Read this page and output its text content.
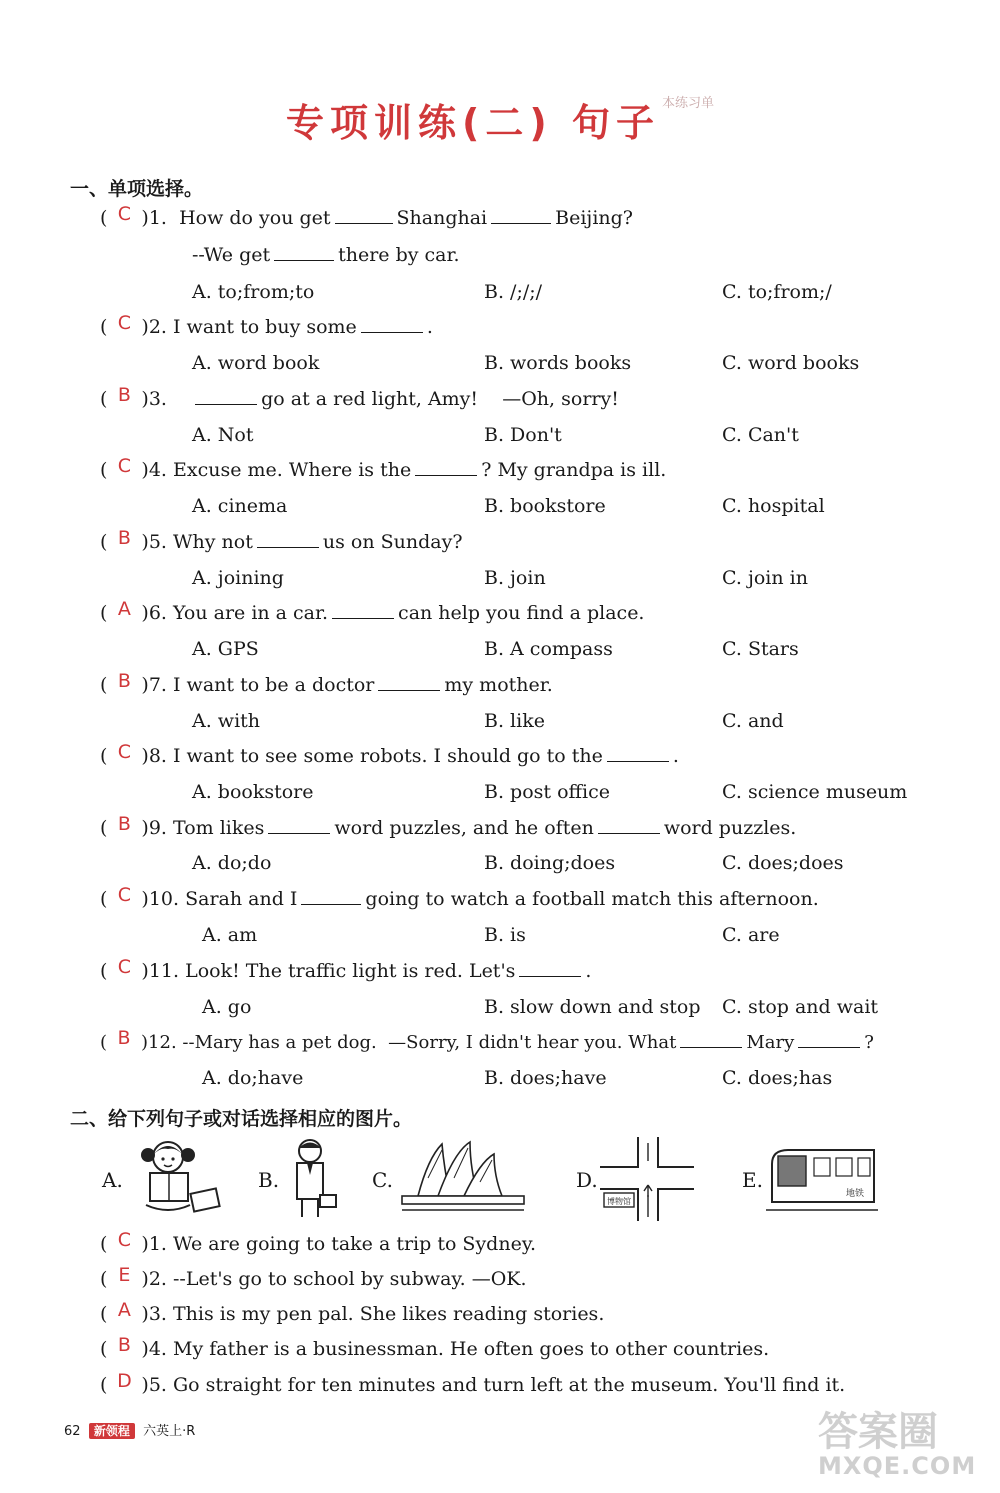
专项训练(二) 句子 $^{本练习单}$
一、单项选择。
( C )1. How do you get	Shanghai	Beijing?
--We get	there by car.
A. to;from;to	B. /;/;/	C. to;from;/
( C )2. I want to buy some	.
A. word book	B. words books	C. word books
( B )3.	go at a red light, Amy! —Oh, sorry!
A. Not	B. Don't	C. Can't
( C )4. Excuse me. Where is the	? My grandpa is ill.
A. cinema	B. bookstore	C. hospital
( B )5. Why not	us on Sunday?
A. joining	B. join	C. join in
( A )6. You are in a car.	can help you find a place.
A. GPS	B. A compass	C. Stars
( B )7. I want to be a doctor	my mother.
A. with	B. like	C. and
( C )8. I want to see some robots. I should go to the	.
A. bookstore	B. post office	C. science museum
( B )9. Tom likes	word puzzles, and he often	word puzzles.
A. do;do	B. doing;does	C. does;does
( C )10. Sarah and I	going to watch a football match this afternoon.
A. am	B. is	C. are
( C )11. Look! The traffic light is red. Let's	.
A. go	B. slow down and stop C. stop and wait
( B )12. --Mary has a pet dog. —Sorry, I didn't hear you. What	Mary	?
A. do;have	B. does;have	C. does;has
二、给下列句子或对话选择相应的图片。
A.	B.	C.	D.
博物馆
E.
地铁
( C )1. We are going to take a trip to Sydney.
( E )2. --Let's go to school by subway. —OK.
( A )3. This is my pen pal. She likes reading stories.
( B )4. My father is a businessman. He often goes to other countries.
( D )5. Go straight for ten minutes and turn left at the museum. You'll find it.
62 新领程 六英上·R	答案圈
MXQE.COM
